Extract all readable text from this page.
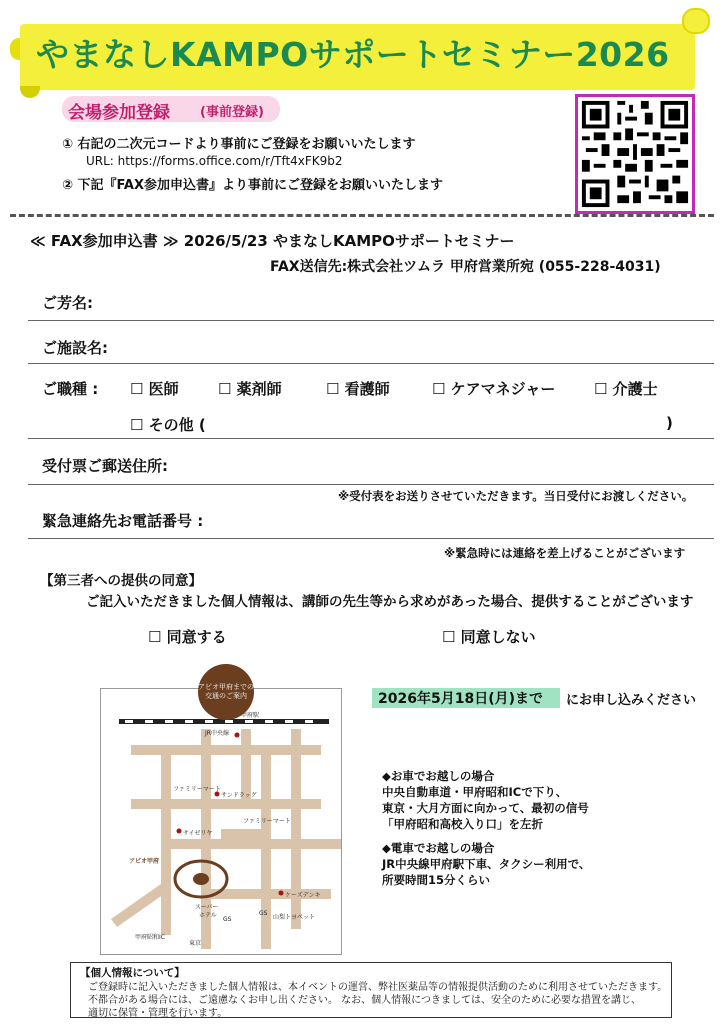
やまなしKAMPOサポートセミナー2026
会場参加登録 (事前登録)
① 右記の二次元コードより事前にご登録をお願いいたします
URL: https://forms.office.com/r/Tft4xFK9b2
② 下記『FAX参加申込書』より事前にご登録をお願いいたします
≪ FAX参加申込書 ≫ 2026/5/23 やまなしKAMPOサポートセミナー
FAX送信先:株式会社ツムラ 甲府営業所宛 (055-228-4031)
ご芳名:
ご施設名:
ご職種 : ☐ 医師	☐ 薬剤師	☐ 看護師	☐ ケアマネジャー	☐ 介護士
☐ その他 (	)
受付票ご郵送住所:
※受付表をお送りさせていただきます。当日受付にお渡しください。
緊急連絡先お電話番号 :
※緊急時には連絡を差上げることがございます
【第三者への提供の同意】
ご記入いただきました個人情報は、講師の先生等から求めがあった場合、提供することがございます
☐ 同意する	☐ 同意しない
2026年5月18日(月)まで にお申し込みください
◆お車でお越しの場合
中央自動車道・甲府昭和ICで下り、
東京・大月方面に向かって、最初の信号
「甲府昭和高校入り口」を左折
◆電車でお越しの場合
JR中央線甲府駅下車、タクシー利用で、
所要時間15分くらい
JR中央線
甲府駅
アピオ甲府
ファミリーマート
ファミリーマート
サンドラッグ
サイゼリヤ
ケーズデンキ
GS
GS
スーパー
ホテル	山梨トヨペット
甲府昭和IC
東京
アピオ甲府までの交通のご案内
【個人情報について】
ご登録時に記入いただきました個人情報は、本イベントの運営、弊社医薬品等の情報提供活動のために利用させていただきます。
不都合がある場合には、ご遠慮なくお申し出ください。 なお、個人情報につきましては、安全のために必要な措置を講じ、
適切に保管・管理を行います。
